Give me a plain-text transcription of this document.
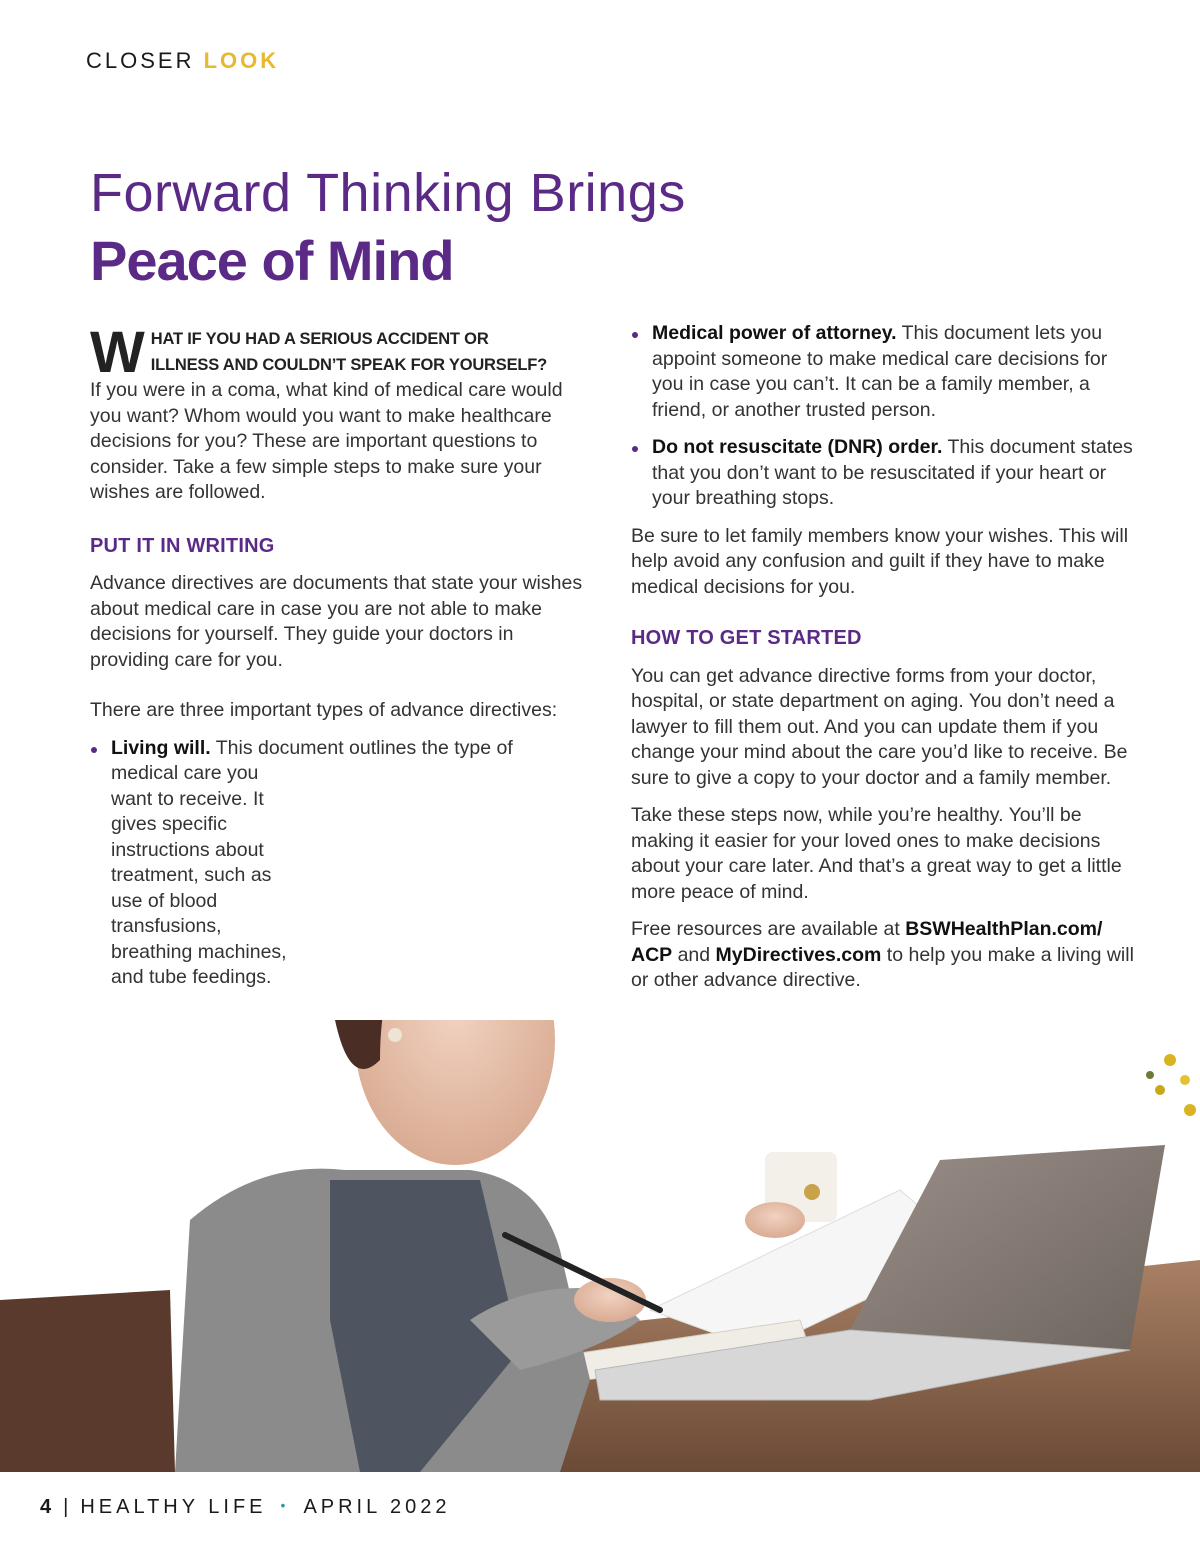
CLOSER LOOK
Forward Thinking Brings
Peace of Mind
W HAT IF YOU HAD A SERIOUS ACCIDENT OR
ILLNESS AND COULDN’T SPEAK FOR YOURSELF?

If you were in a coma, what kind of medical care would you want? Whom would you want to make healthcare decisions for you? These are important questions to consider. Take a few simple steps to make sure your wishes are followed.

PUT IT IN WRITING

Advance directives are documents that state your wishes about medical care in case you are not able to make decisions for yourself. They guide your doctors in providing care for you.

There are three important types of advance directives:

Living will. This document outlines the type of
medical care you want to receive. It gives specific instructions about treatment, such as use of blood transfusions, breathing machines, and tube feedings.
Medical power of attorney. This document lets you appoint someone to make medical care decisions for you in case you can’t. It can be a family member, a friend, or another trusted person.
Do not resuscitate (DNR) order. This document states that you don’t want to be resuscitated if your heart or your breathing stops.

Be sure to let family members know your wishes. This will help avoid any confusion and guilt if they have to make medical decisions for you.

HOW TO GET STARTED

You can get advance directive forms from your doctor, hospital, or state department on aging. You don’t need a lawyer to fill them out. And you can update them if you change your mind about the care you’d like to receive. Be sure to give a copy to your doctor and a family member.

Take these steps now, while you’re healthy. You’ll be making it easier for your loved ones to make decisions about your care later. And that’s a great way to get a little more peace of mind.

Free resources are available at BSWHealthPlan.com/ ACP and MyDirectives.com to help you make a living will or other advance directive.

4 | HEALTHY LIFE • APRIL 2022
